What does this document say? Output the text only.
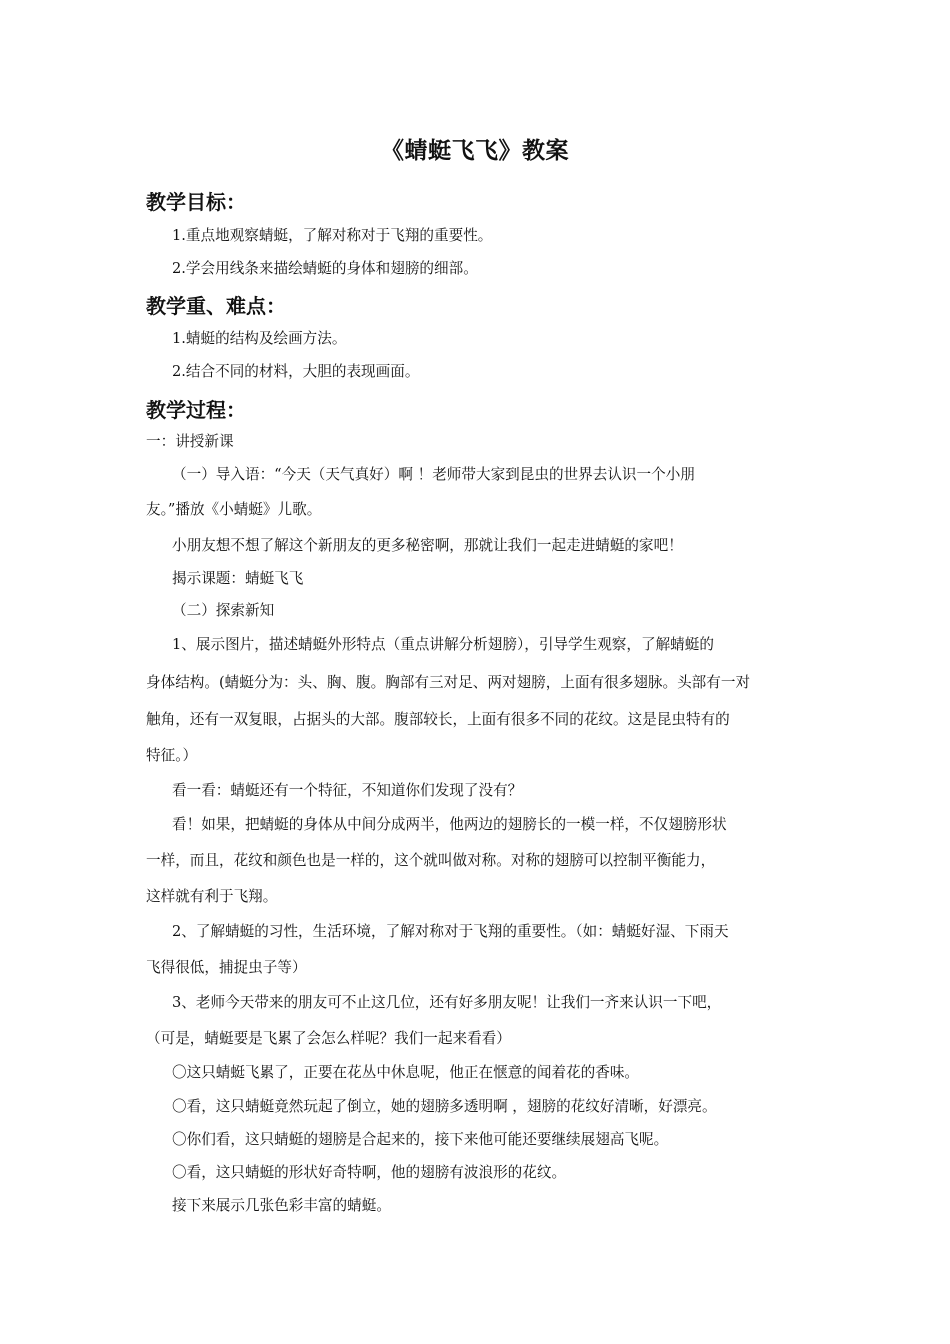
《蜻蜓飞飞》教案
教学目标：
1.重点地观察蜻蜓，了解对称对于飞翔的重要性。
2.学会用线条来描绘蜻蜓的身体和翅膀的细部。
教学重、难点：
1.蜻蜓的结构及绘画方法。
2.结合不同的材料，大胆的表现画面。
教学过程：
一：讲授新课
（一）导入语：“今天（天气真好）啊 ！老师带大家到昆虫的世界去认识一个小朋
友。”播放《小蜻蜓》儿歌。
小朋友想不想了解这个新朋友的更多秘密啊，那就让我们一起走进蜻蜓的家吧！
揭示课题：蜻蜓飞飞
（二）探索新知
1、展示图片，描述蜻蜓外形特点（重点讲解分析翅膀），引导学生观察，了解蜻蜓的
身体结构。(蜻蜓分为：头、胸、腹。胸部有三对足、两对翅膀，上面有很多翅脉。头部有一对
触角，还有一双复眼，占据头的大部。腹部较长，上面有很多不同的花纹。这是昆虫特有的
特征。）
看一看：蜻蜓还有一个特征，不知道你们发现了没有？
看！如果，把蜻蜓的身体从中间分成两半，他两边的翅膀长的一模一样，不仅翅膀形状
一样，而且，花纹和颜色也是一样的，这个就叫做对称。对称的翅膀可以控制平衡能力，
这样就有利于飞翔。
2、了解蜻蜓的习性，生活环境，了解对称对于飞翔的重要性。（如：蜻蜓好湿、下雨天
飞得很低，捕捉虫子等）
3、老师今天带来的朋友可不止这几位，还有好多朋友呢！让我们一齐来认识一下吧，
（可是，蜻蜓要是飞累了会怎么样呢？我们一起来看看）
〇这只蜻蜓飞累了，正要在花丛中休息呢，他正在惬意的闻着花的香味。
〇看，这只蜻蜓竟然玩起了倒立，她的翅膀多透明啊 ，翅膀的花纹好清晰，好漂亮。
〇你们看，这只蜻蜓的翅膀是合起来的，接下来他可能还要继续展翅高飞呢。
〇看，这只蜻蜓的形状好奇特啊，他的翅膀有波浪形的花纹。
接下来展示几张色彩丰富的蜻蜓。
